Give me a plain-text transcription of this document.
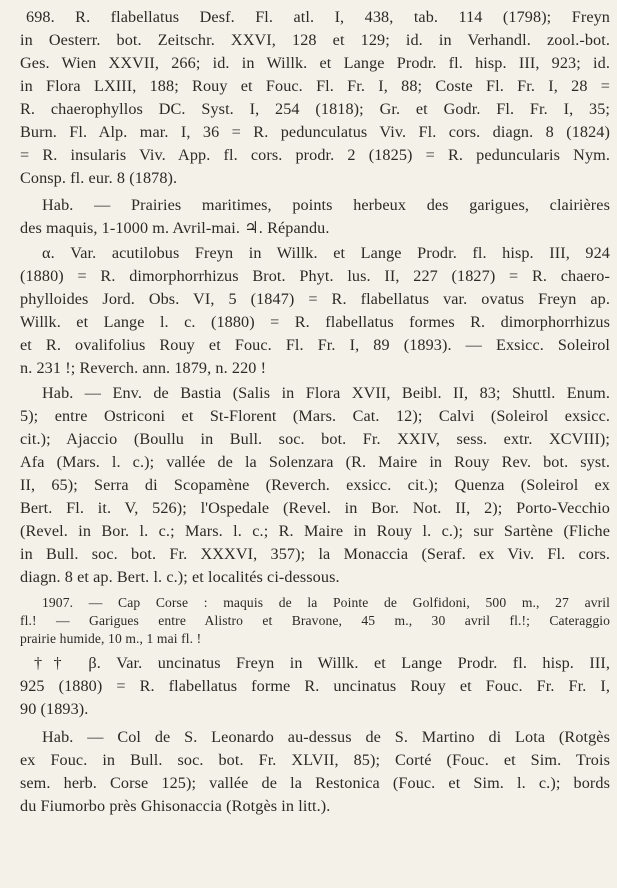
698. R. flabellatus Desf. Fl. atl. I, 438, tab. 114 (1798); Freyn

in Oesterr. bot. Zeitschr. XXVI, 128 et 129; id. in Verhandl. zool.-bot.

Ges. Wien XXVII, 266; id. in Willk. et Lange Prodr. fl. hisp. III, 923; id.

in Flora LXIII, 188; Rouy et Fouc. Fl. Fr. I, 88; Coste Fl. Fr. I, 28 =

R. chaerophyllos DC. Syst. I, 254 (1818); Gr. et Godr. Fl. Fr. I, 35;

Burn. Fl. Alp. mar. I, 36 = R. pedunculatus Viv. Fl. cors. diagn. 8 (1824)

= R. insularis Viv. App. fl. cors. prodr. 2 (1825) = R. peduncularis Nym.

Consp. fl. eur. 8 (1878).

Hab. — Prairies maritimes, points herbeux des garigues, clairières

des maquis, 1-1000 m. Avril-mai. ♃. Répandu.

α. Var. acutilobus Freyn in Willk. et Lange Prodr. fl. hisp. III, 924

(1880) = R. dimorphorrhizus Brot. Phyt. lus. II, 227 (1827) = R. chaero-

phylloides Jord. Obs. VI, 5 (1847) = R. flabellatus var. ovatus Freyn ap.

Willk. et Lange l. c. (1880) = R. flabellatus formes R. dimorphorrhizus

et R. ovalifolius Rouy et Fouc. Fl. Fr. I, 89 (1893). — Exsicc. Soleirol

n. 231 !; Reverch. ann. 1879, n. 220 !

Hab. — Env. de Bastia (Salis in Flora XVII, Beibl. II, 83; Shuttl. Enum.

5); entre Ostriconi et St-Florent (Mars. Cat. 12); Calvi (Soleirol exsicc.

cit.); Ajaccio (Boullu in Bull. soc. bot. Fr. XXIV, sess. extr. XCVIII);

Afa (Mars. l. c.); vallée de la Solenzara (R. Maire in Rouy Rev. bot. syst.

II, 65); Serra di Scopamène (Reverch. exsicc. cit.); Quenza (Soleirol ex

Bert. Fl. it. V, 526); l'Ospedale (Revel. in Bor. Not. II, 2); Porto-Vecchio

(Revel. in Bor. l. c.; Mars. l. c.; R. Maire in Rouy l. c.); sur Sartène (Fliche

in Bull. soc. bot. Fr. XXXVI, 357); la Monaccia (Seraf. ex Viv. Fl. cors.

diagn. 8 et ap. Bert. l. c.); et localités ci-dessous.

1907. — Cap Corse : maquis de la Pointe de Golfidoni, 500 m., 27 avril

fl.! — Garigues entre Alistro et Bravone, 45 m., 30 avril fl.!; Cateraggio

prairie humide, 10 m., 1 mai fl. !

†† β. Var. uncinatus Freyn in Willk. et Lange Prodr. fl. hisp. III,

925 (1880) = R. flabellatus forme R. uncinatus Rouy et Fouc. Fr. Fr. I,

90 (1893).

Hab. — Col de S. Leonardo au-dessus de S. Martino di Lota (Rotgès

ex Fouc. in Bull. soc. bot. Fr. XLVII, 85); Corté (Fouc. et Sim. Trois

sem. herb. Corse 125); vallée de la Restonica (Fouc. et Sim. l. c.); bords

du Fiumorbo près Ghisonaccia (Rotgès in litt.).
